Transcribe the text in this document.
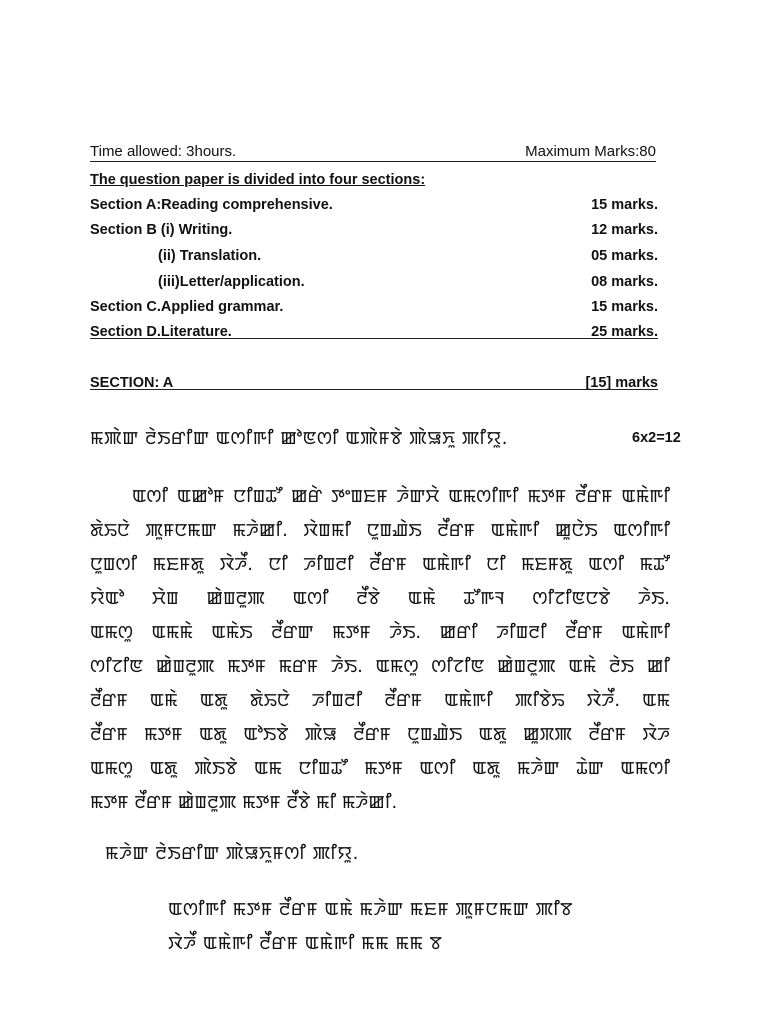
Time allowed: 3hours.	Maximum Marks:80
The question paper is divided into four sections:
Section A:Reading comprehensive.	15 marks.
Section B (i) Writing.	12 marks.
(ii) Translation.	05 marks.
(iii)Letter/application.	08 marks.
Section C.Applied grammar.	15 marks.
Section D.Literature.	25 marks.
SECTION: A	[15] marks
ꯃꯄꯥꯛ ꯂꯥꯏꯔꯤꯛ ꯑꯁꯤꯒꯤ ꯀꯣꯟꯁꯤ ꯑꯄꯥꯝꯕꯥ ꯄꯥꯎꯈꯨ ꯄꯤꯌꯨ.	6x2=12
ꯑꯁꯤ ꯑꯀꯣꯝ ꯅꯤꯡꯊꯧ ꯀꯔꯥ ꯇꯦꯡꯐꯝ ꯍꯥꯛꯆꯥ ꯑꯃꯁꯤꯒꯤ ꯃꯇꯝ ꯂꯩꯔꯝ ꯑꯃꯥꯒꯤ
ꯗꯥꯢꯅꯥ ꯄꯨꯝꯅꯃꯛ ꯃꯍꯥꯀꯤ. ꯋꯥꯡꯃꯤ ꯅꯨꯡꯉꯥꯏ ꯂꯩꯔꯝ ꯑꯃꯥꯒꯤ ꯀꯨꯅꯥꯏ ꯑꯁꯤꯒꯤ
ꯅꯨꯡꯁꯤ ꯃꯐꯝꯗꯨ ꯋꯥꯍꯩ. ꯅꯤ ꯍꯤꯡꯂꯤ ꯂꯩꯔꯝ ꯑꯃꯥꯒꯤ ꯅꯤ ꯃꯐꯝꯗꯨ ꯑꯁꯤ ꯃꯊꯧ
ꯌꯥꯑꯣ ꯆꯥꯡ ꯀꯥꯡꯂꯨꯄ ꯑꯁꯤ ꯂꯩꯕꯥ ꯑꯃꯥ ꯊꯧꯒꯜ ꯁꯤꯖꯤꯟꯅꯕꯥ ꯍꯥꯏ.
ꯑꯃꯁꯨ ꯑꯃꯃꯥ ꯑꯃꯥꯏ ꯂꯩꯔꯛ ꯃꯇꯝ ꯍꯥꯏ. ꯀꯔꯤ ꯍꯤꯡꯂꯤ ꯂꯩꯔꯝ ꯑꯃꯥꯒꯤ
ꯁꯤꯖꯤꯟ ꯀꯥꯡꯂꯨꯄ ꯃꯇꯝ ꯃꯔꯝ ꯍꯥꯏ. ꯑꯃꯁꯨ ꯁꯤꯖꯤꯟ ꯀꯥꯡꯂꯨꯄ ꯑꯃꯥ ꯂꯥꯏ ꯀꯤ
ꯂꯩꯔꯝ ꯑꯃꯥ ꯑꯗꯨ ꯗꯥꯢꯅꯥ ꯍꯤꯡꯂꯤ ꯂꯩꯔꯝ ꯑꯃꯥꯒꯤ ꯄꯤꯕꯥꯢ ꯋꯥꯍꯩ. ꯑꯃ
ꯂꯩꯔꯝ ꯃꯇꯝ ꯑꯗꯨ ꯑꯣꯏꯕꯥ ꯄꯥꯎ ꯂꯩꯔꯝ ꯅꯨꯡꯉꯥꯏ ꯑꯗꯨ ꯀꯨꯞꯄ ꯂꯩꯔꯝ ꯋꯥꯍ
ꯑꯃꯁꯨ ꯑꯗꯨ ꯄꯥꯏꯕꯥ ꯑꯃ ꯅꯤꯡꯊꯧ ꯃꯇꯝ ꯑꯁꯤ ꯑꯗꯨ ꯃꯍꯥꯛ ꯊꯥꯛ ꯑꯃꯁꯤ
ꯃꯇꯝ ꯂꯩꯔꯝ ꯀꯥꯡꯂꯨꯄ ꯃꯇꯝ ꯂꯩꯕꯥ ꯃꯤ ꯃꯍꯥꯀꯤ.
ꯃꯍꯥꯛ ꯂꯥꯏꯔꯤꯛ ꯄꯥꯎꯈꯨꯝꯁꯤ ꯄꯤꯌꯨ.
ꯑꯁꯤꯒꯤ ꯃꯇꯝ ꯂꯩꯔꯝ ꯑꯃꯥ ꯃꯍꯥꯛ ꯃꯐꯝ ꯄꯨꯝꯅꯃꯛ ꯄꯤꯕ
ꯋꯥꯍꯩ ꯑꯃꯥꯒꯤ ꯂꯩꯔꯝ ꯑꯃꯥꯒꯤ ꯃꯃ ꯃꯃ ꯕ
